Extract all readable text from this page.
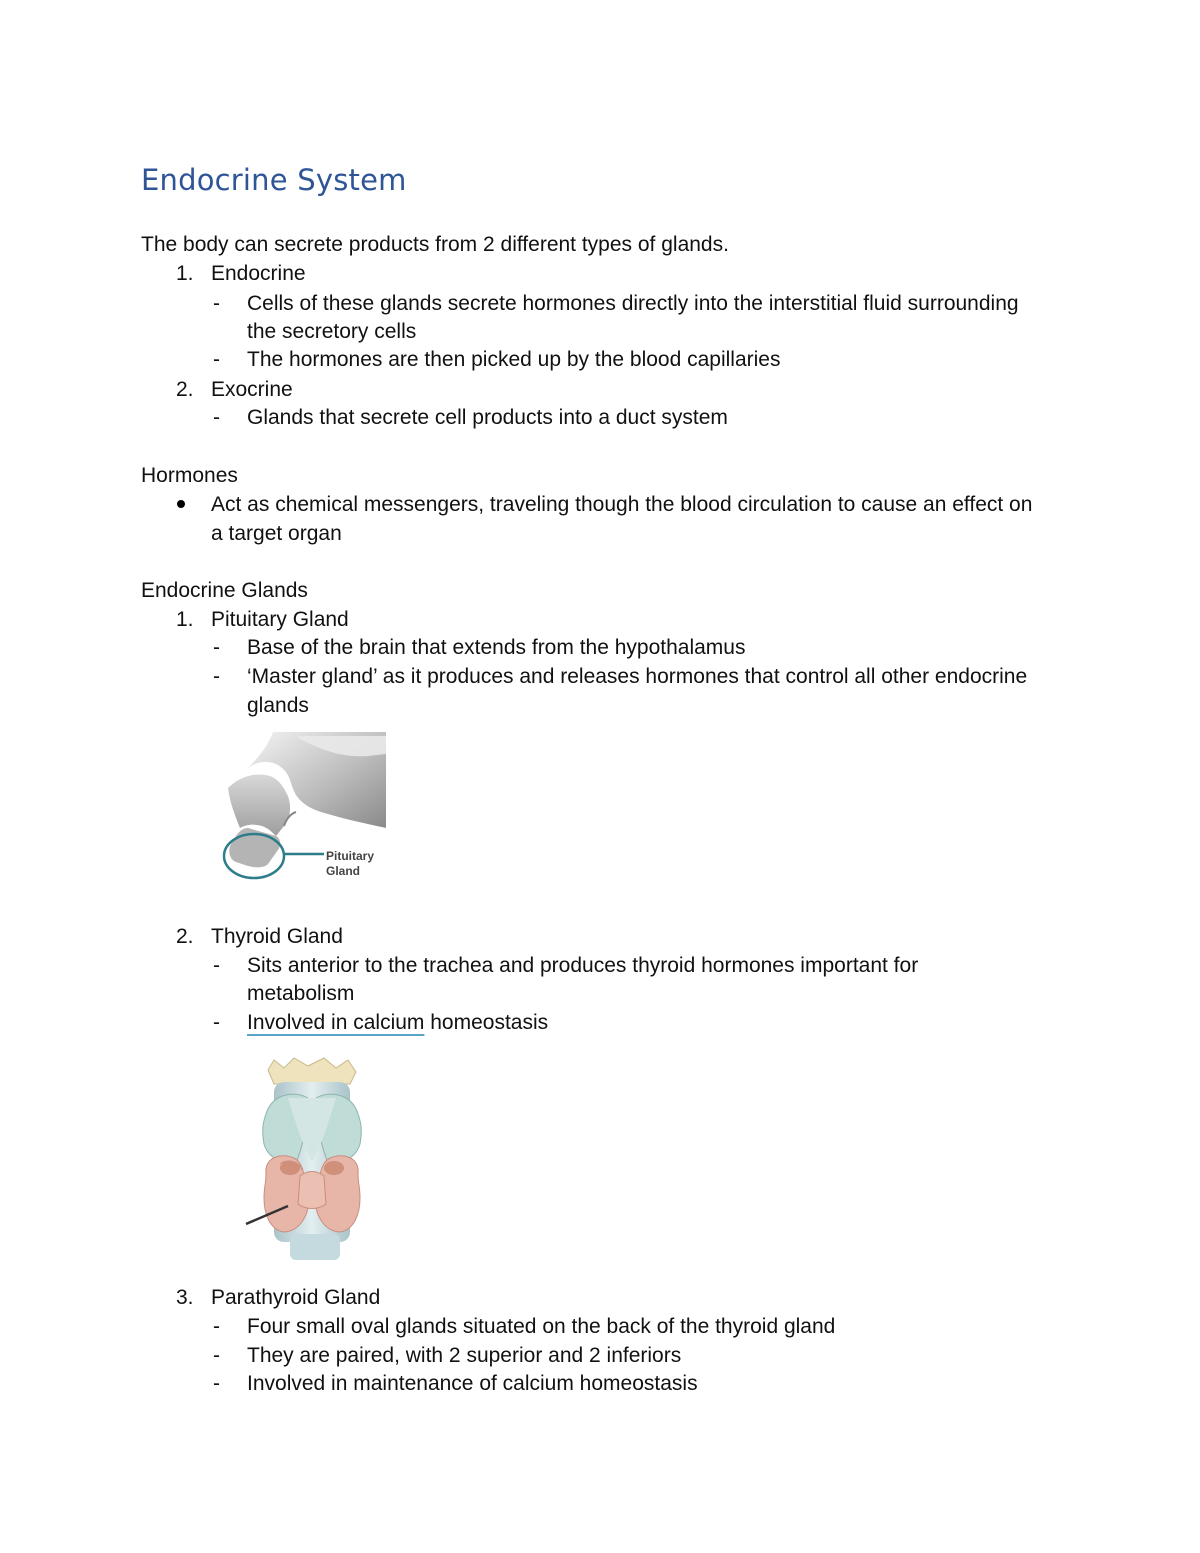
Endocrine System
The body can secrete products from 2 different types of glands.
1. Endocrine
- Cells of these glands secrete hormones directly into the interstitial fluid surrounding
the secretory cells
- The hormones are then picked up by the blood capillaries
2. Exocrine
- Glands that secrete cell products into a duct system
Hormones
Act as chemical messengers, traveling though the blood circulation to cause an effect on
a target organ
Endocrine Glands
1. Pituitary Gland
- Base of the brain that extends from the hypothalamus
- ‘Master gland’ as it produces and releases hormones that control all other endocrine
glands
Pituitary
Gland
2. Thyroid Gland
- Sits anterior to the trachea and produces thyroid hormones important for
metabolism
- Involved in calcium homeostasis
3. Parathyroid Gland
- Four small oval glands situated on the back of the thyroid gland
- They are paired, with 2 superior and 2 inferiors
- Involved in maintenance of calcium homeostasis
